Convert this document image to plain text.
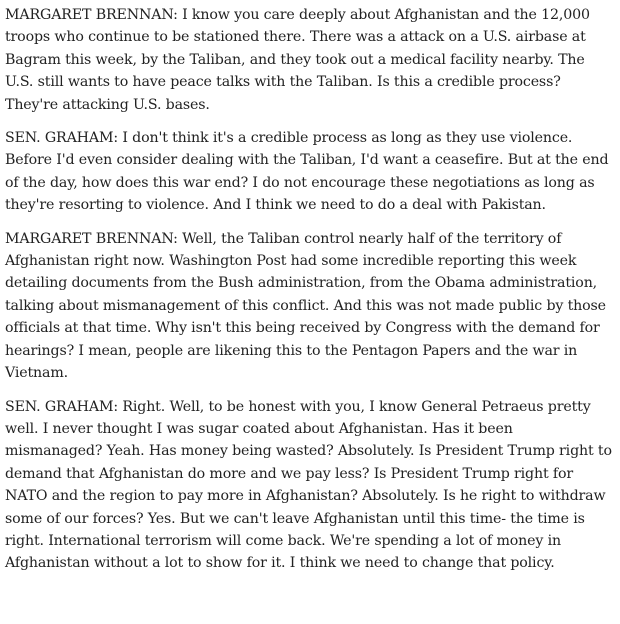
MARGARET BRENNAN: I know you care deeply about Afghanistan and the 12,000 troops who continue to be stationed there. There was a attack on a U.S. airbase at Bagram this week, by the Taliban, and they took out a medical facility nearby. The U.S. still wants to have peace talks with the Taliban. Is this a credible process? They're attacking U.S. bases.

SEN. GRAHAM: I don't think it's a credible process as long as they use violence. Before I'd even consider dealing with the Taliban, I'd want a ceasefire. But at the end of the day, how does this war end? I do not encourage these negotiations as long as they're resorting to violence. And I think we need to do a deal with Pakistan.

MARGARET BRENNAN: Well, the Taliban control nearly half of the territory of Afghanistan right now. Washington Post had some incredible reporting this week detailing documents from the Bush administration, from the Obama administration, talking about mismanagement of this conflict. And this was not made public by those officials at that time. Why isn't this being received by Congress with the demand for hearings? I mean, people are likening this to the Pentagon Papers and the war in Vietnam.

SEN. GRAHAM: Right. Well, to be honest with you, I know General Petraeus pretty well. I never thought I was sugar coated about Afghanistan. Has it been mismanaged? Yeah. Has money being wasted? Absolutely. Is President Trump right to demand that Afghanistan do more and we pay less? Is President Trump right for NATO and the region to pay more in Afghanistan? Absolutely. Is he right to withdraw some of our forces? Yes. But we can't leave Afghanistan until this time- the time is right. International terrorism will come back. We're spending a lot of money in Afghanistan without a lot to show for it. I think we need to change that policy.
